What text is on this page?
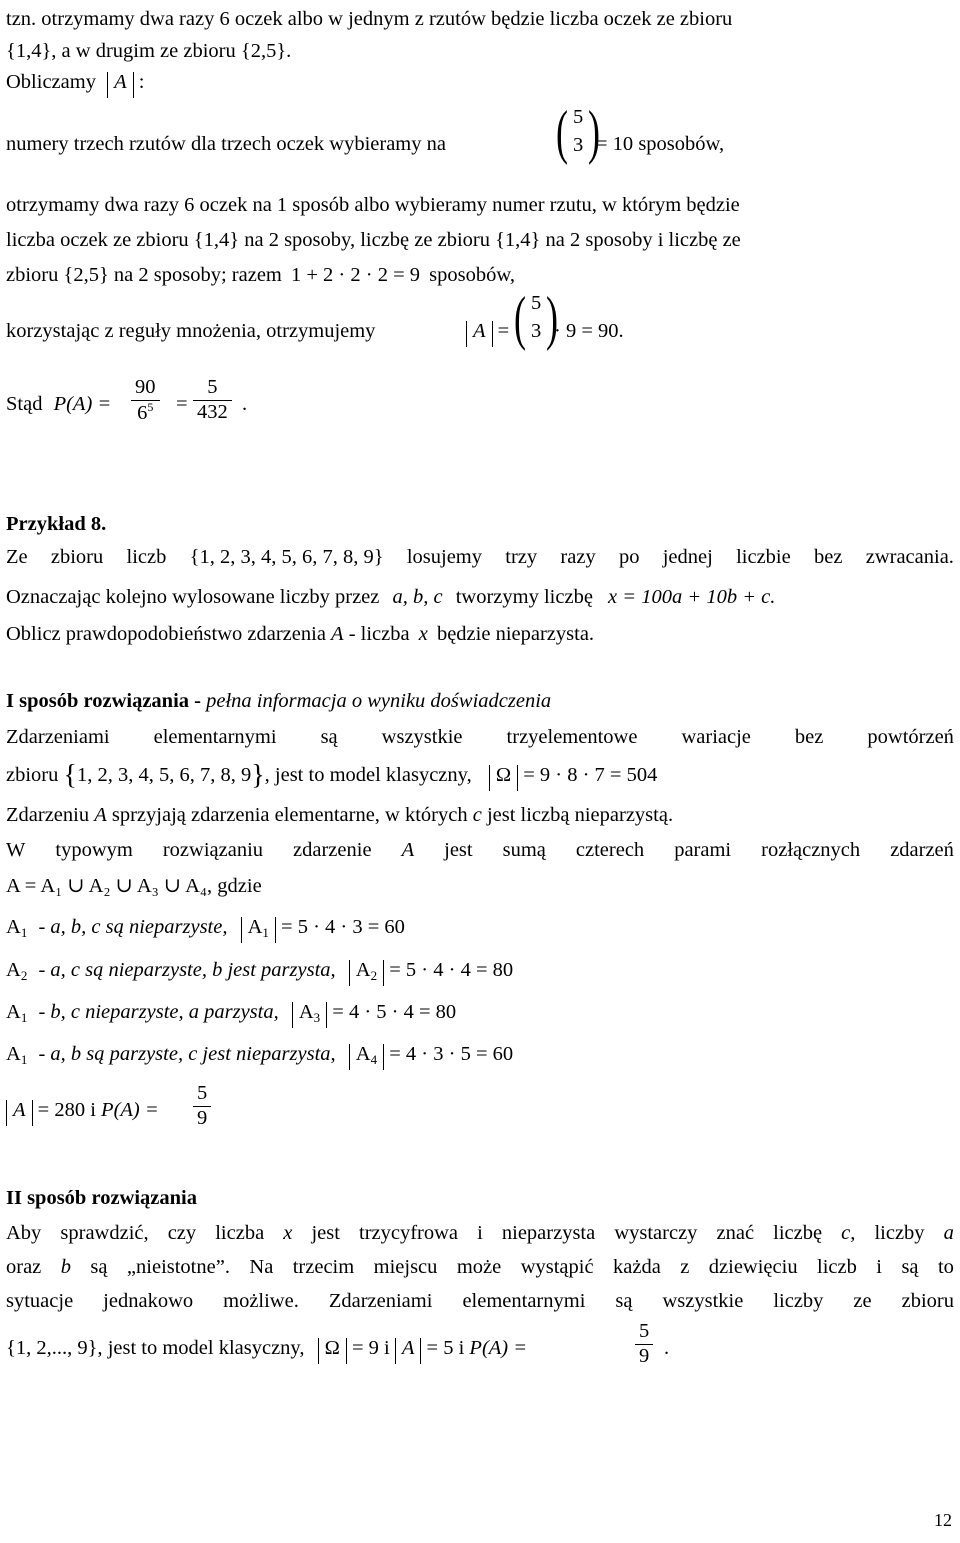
tzn. otrzymamy dwa razy 6 oczek albo w jednym z rzutów będzie liczba oczek ze zbioru
{1,4}, a w drugim ze zbioru {2,5}.
Obliczamy A :
numery trzech rzutów dla trzech oczek wybieramy na ( 5
3 )
= 10 sposobów,
otrzymamy dwa razy 6 oczek na 1 sposób albo wybieramy numer rzutu, w którym będzie
liczba oczek ze zbioru {1,4} na 2 sposoby, liczbę ze zbioru {1,4} na 2 sposoby i liczbę ze
zbioru {2,5} na 2 sposoby; razem 1 + 2 · 2 · 2 = 9 sposobów,
korzystając z reguły mnożenia, otrzymujemy	A = ( 5
3 )
· 9 = 90.
Stąd $P(A) = \frac{90}{6^5} = \frac{5}{432}$ .
Przykład 8.
Ze zbioru liczb {1, 2, 3, 4, 5, 6, 7, 8, 9} losujemy trzy razy po jednej liczbie bez zwracania.
Oznaczając kolejno wylosowane liczby przez a, b, c tworzymy liczbę x = 100a + 10b + c.
Oblicz prawdopodobieństwo zdarzenia A - liczba x będzie nieparzysta.
I sposób rozwiązania - pełna informacja o wyniku doświadczenia
Zdarzeniami elementarnymi są wszystkie trzyelementowe wariacje bez powtórzeń
zbioru {1, 2, 3, 4, 5, 6, 7, 8, 9}, jest to model klasyczny, Ω = 9 · 8 · 7 = 504
Zdarzeniu A sprzyjają zdarzenia elementarne, w których c jest liczbą nieparzystą.
W typowym rozwiązaniu zdarzenie A jest sumą czterech parami rozłącznych zdarzeń
A = A₁ ∪ A₂ ∪ A₃ ∪ A₄, gdzie
$A_1$ - a, b, c są nieparzyste, $A_1 = 5 \cdot 4 \cdot 3 = 60$
$A_2$ - a, c są nieparzyste, b jest parzysta, $A_2 = 5 \cdot 4 \cdot 4 = 80$
$A_1$ - b, c nieparzyste, a parzysta, $A_3 = 4 \cdot 5 \cdot 4 = 80$
$A_1$ - a, b są parzyste, c jest nieparzysta, $A_4 = 4 \cdot 3 \cdot 5 = 60$
A = 280 i $P(A) = \frac{5}{9}$
II sposób rozwiązania
Aby sprawdzić, czy liczba x jest trzycyfrowa i nieparzysta wystarczy znać liczbę c, liczby a
oraz b są „nieistotne”. Na trzecim miejscu może wystąpić każda z dziewięciu liczb i są to
sytuacje jednakowo możliwe. Zdarzeniami elementarnymi są wszystkie liczby ze zbioru
{1, 2,..., 9}, jest to model klasyczny, Ω = 9 i A = 5 i P(A) =	$\frac{5}{9}$ .
12
